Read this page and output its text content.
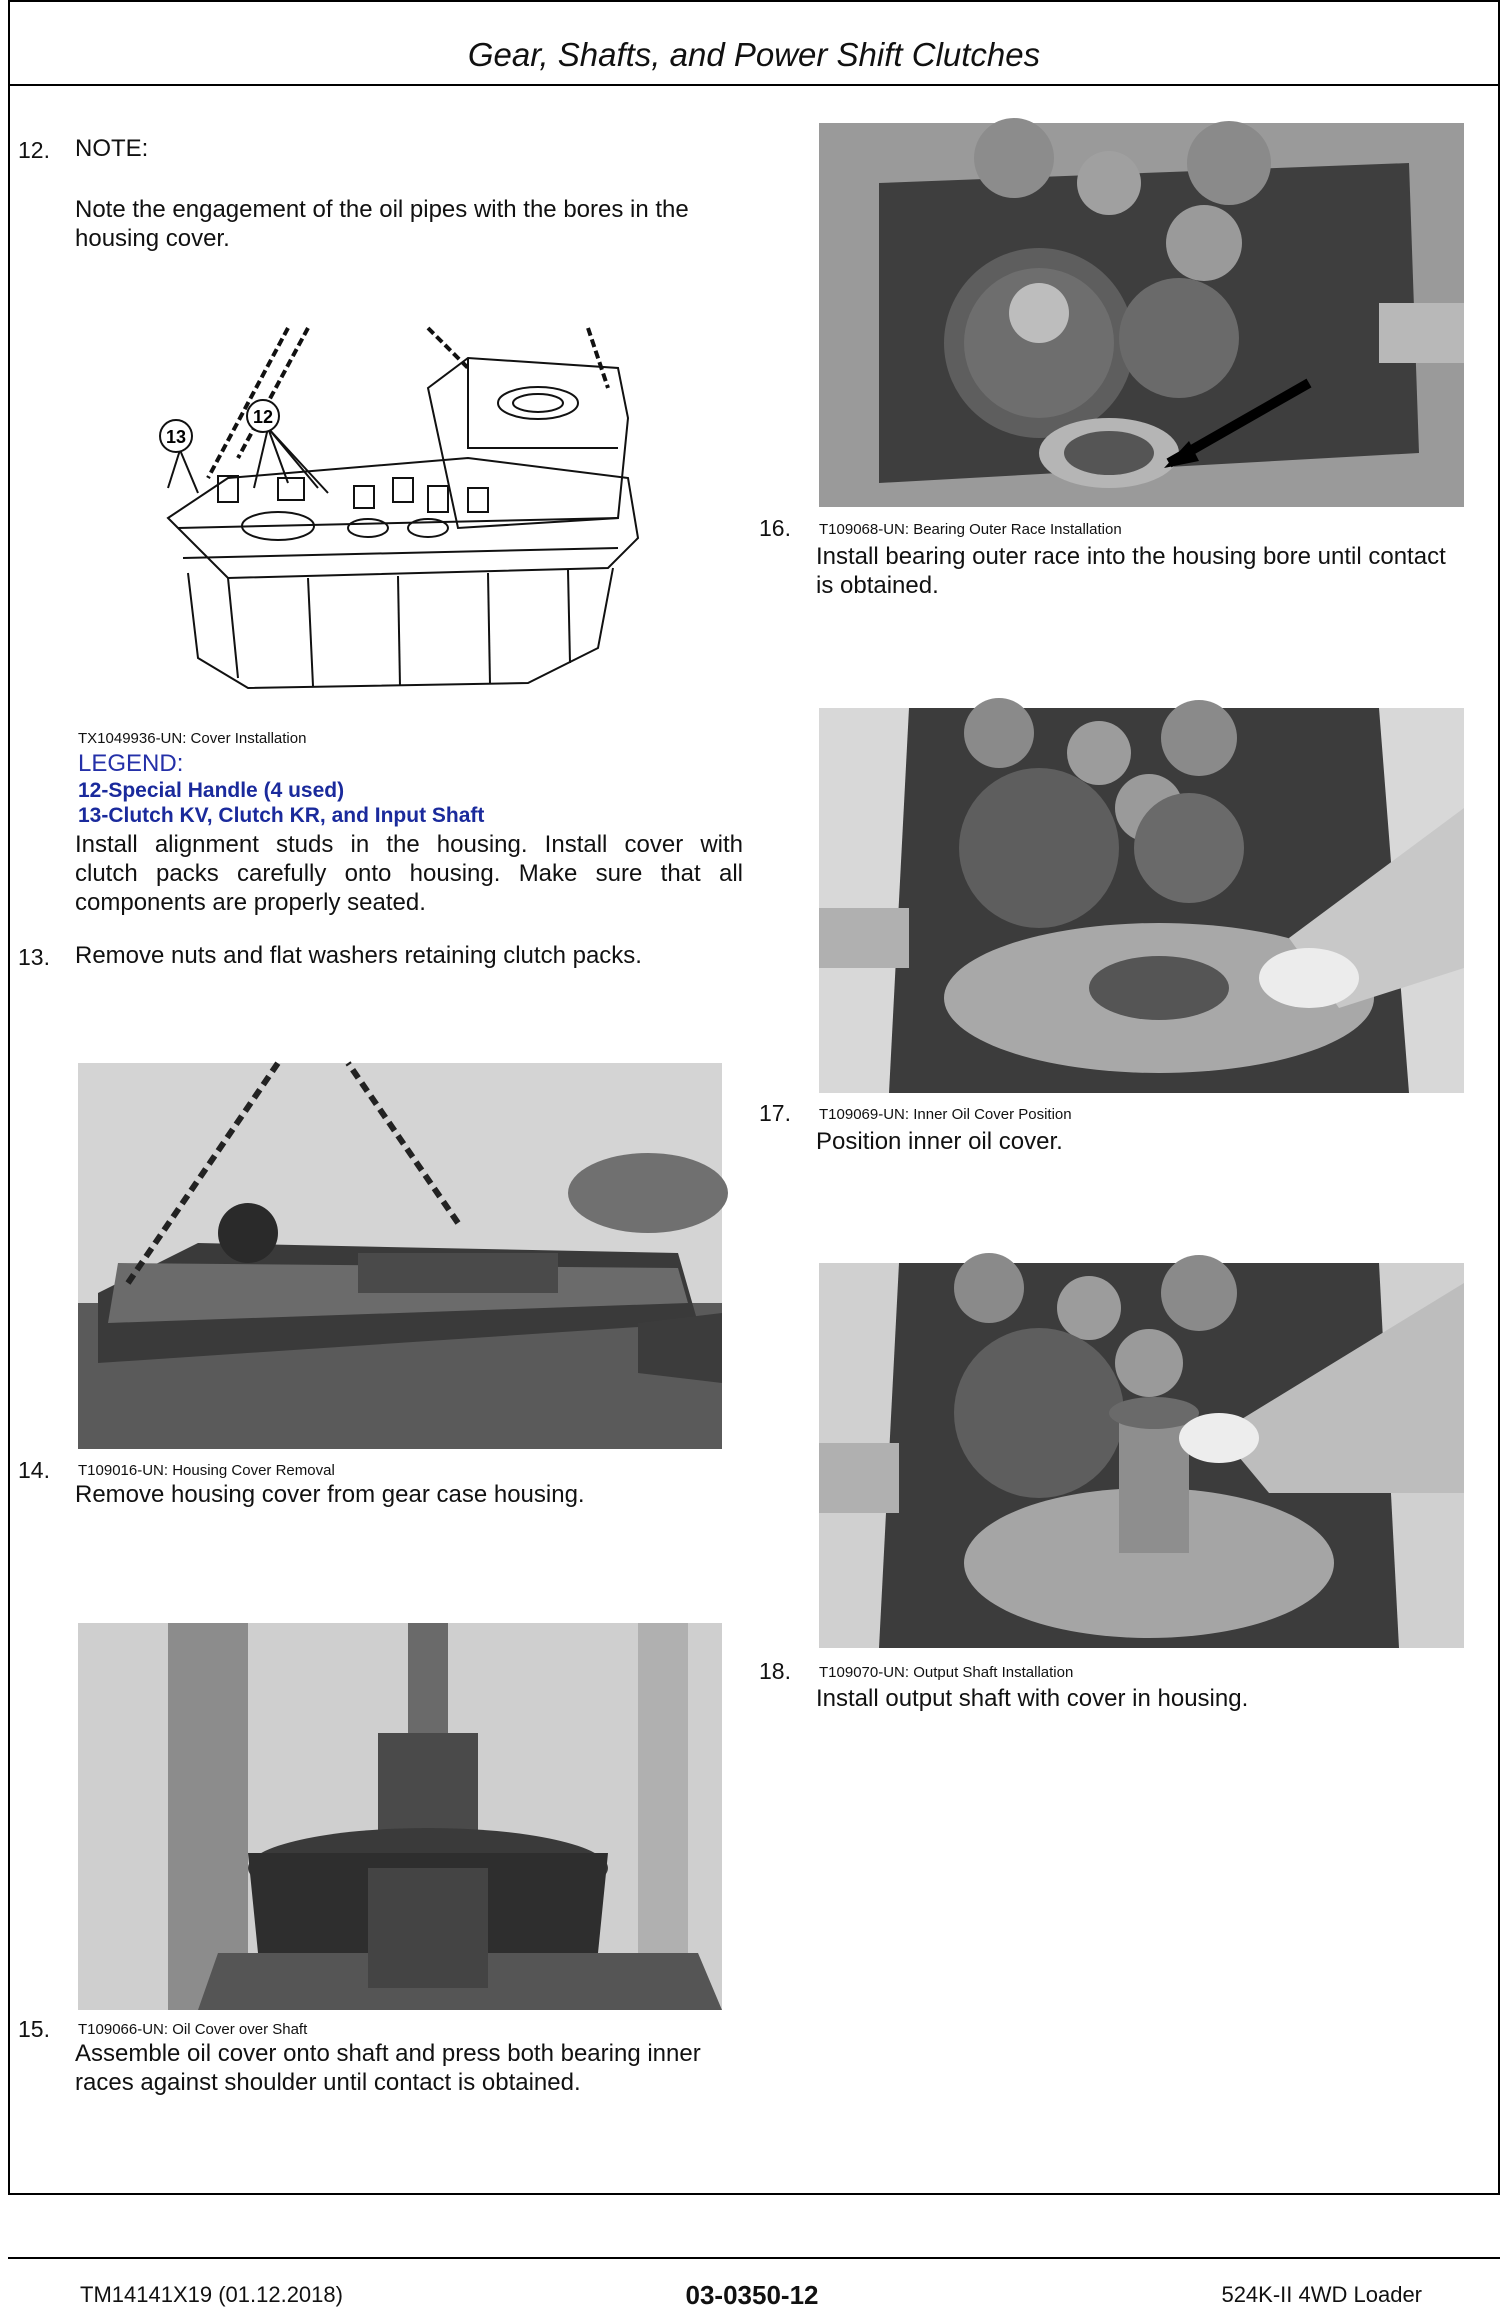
Gear, Shafts, and Power Shift Clutches
12. NOTE:
Note the engagement of the oil pipes with the bores in the housing cover.
13
12
TX1049936-UN: Cover Installation
LEGEND:
12-Special Handle (4 used)
13-Clutch KV, Clutch KR, and Input Shaft
Install alignment studs in the housing. Install cover with
clutch packs carefully onto housing. Make sure that all
components are properly seated.
13. Remove nuts and flat washers retaining clutch packs.
14. T109016-UN: Housing Cover Removal
Remove housing cover from gear case housing.
15. T109066-UN: Oil Cover over Shaft
Assemble oil cover onto shaft and press both bearing inner
races against shoulder until contact is obtained.
16. T109068-UN: Bearing Outer Race Installation
Install bearing outer race into the housing bore until contact
is obtained.
17. T109069-UN: Inner Oil Cover Position
Position inner oil cover.
18. T109070-UN: Output Shaft Installation
Install output shaft with cover in housing.
TM14141X19 (01.12.2018)	03-0350-12	524K-II 4WD Loader
